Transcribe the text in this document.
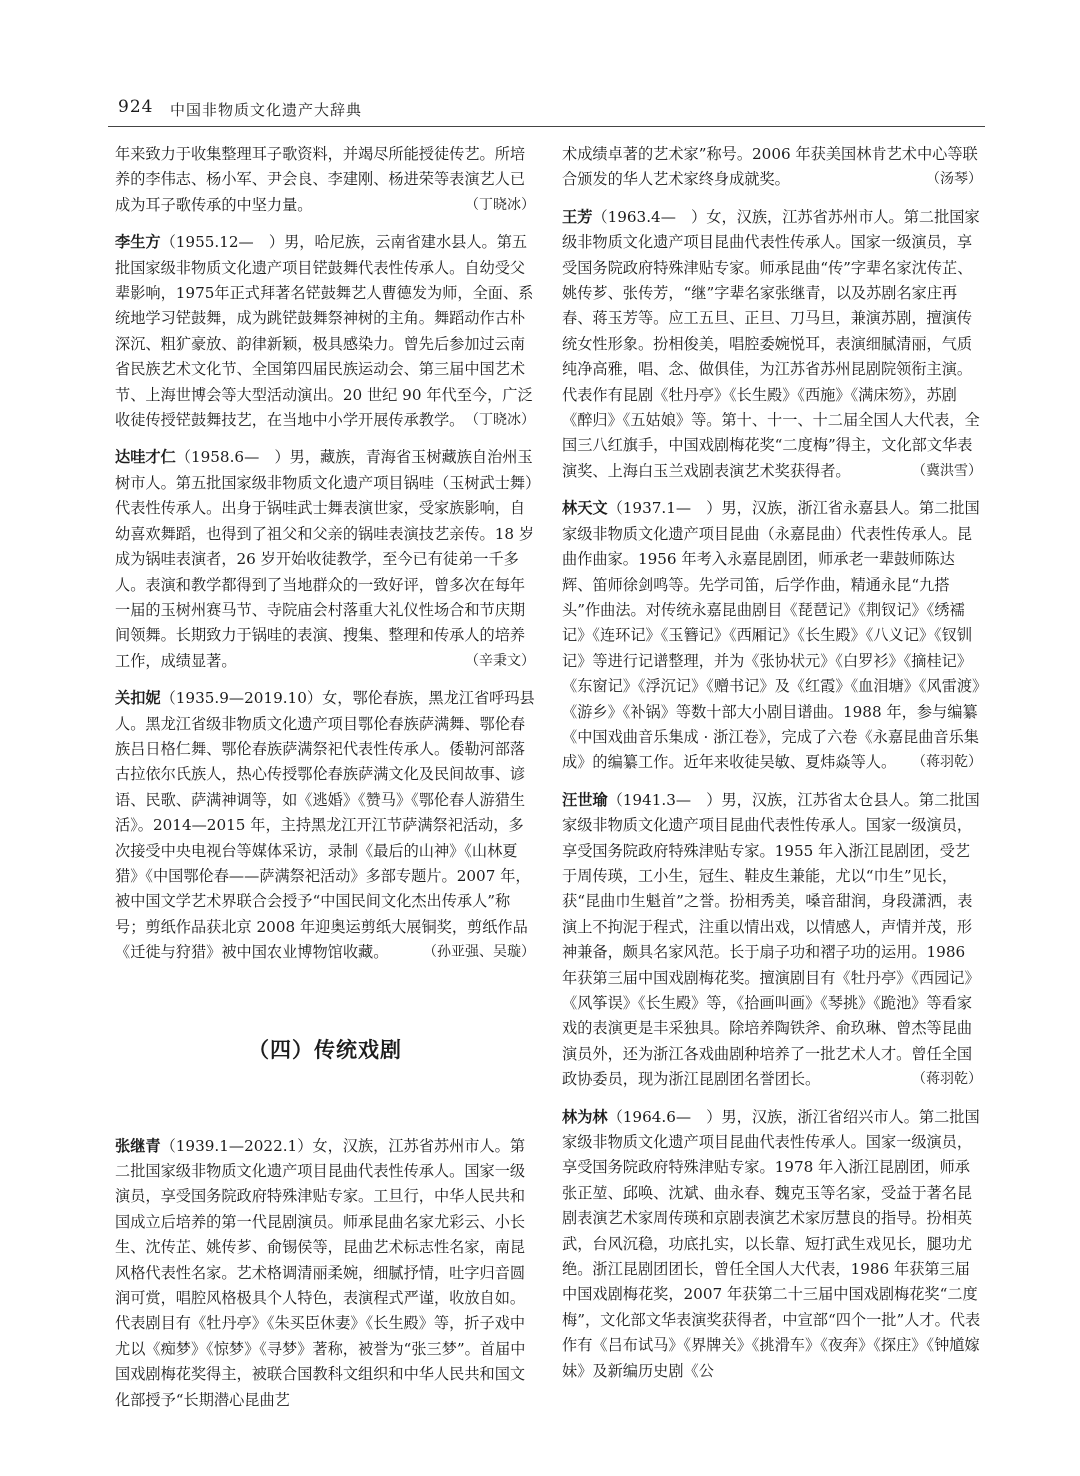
924 中国非物质文化遗产大辞典

年来致力于收集整理耳子歌资料，并竭尽所能授徒传艺。所培养的李伟志、杨小军、尹会良、李建刚、杨进荣等表演艺人已成为耳子歌传承的中坚力量。	（丁晓冰）

李生方（1955.12—　）男，哈尼族，云南省建水县人。第五批国家级非物质文化遗产项目铓鼓舞代表性传承人。自幼受父辈影响，1975年正式拜著名铓鼓舞艺人曹德发为师，全面、系统地学习铓鼓舞，成为跳铓鼓舞祭神树的主角。舞蹈动作古朴深沉、粗犷豪放、韵律新颖，极具感染力。曾先后参加过云南省民族艺术文化节、全国第四届民族运动会、第三届中国艺术节、上海世博会等大型活动演出。20 世纪 90 年代至今，广泛收徒传授铓鼓舞技艺，在当地中小学开展传承教学。 （丁晓冰）

达哇才仁（1958.6—　）男，藏族，青海省玉树藏族自治州玉树市人。第五批国家级非物质文化遗产项目锅哇（玉树武士舞）代表性传承人。出身于锅哇武士舞表演世家，受家族影响，自幼喜欢舞蹈，也得到了祖父和父亲的锅哇表演技艺亲传。18 岁成为锅哇表演者，26 岁开始收徒教学，至今已有徒弟一千多人。表演和教学都得到了当地群众的一致好评，曾多次在每年一届的玉树州赛马节、寺院庙会村落重大礼仪性场合和节庆期间领舞。长期致力于锅哇的表演、搜集、整理和传承人的培养工作，成绩显著。	（辛秉文）

关扣妮（1935.9—2019.10）女，鄂伦春族，黑龙江省呼玛县人。黑龙江省级非物质文化遗产项目鄂伦春族萨满舞、鄂伦春族吕日格仁舞、鄂伦春族萨满祭祀代表性传承人。倭勒河部落古拉依尔氏族人，热心传授鄂伦春族萨满文化及民间故事、谚语、民歌、萨满神调等，如《逃婚》《赞马》《鄂伦春人游猎生活》。2014—2015 年，主持黑龙江开江节萨满祭祀活动，多次接受中央电视台等媒体采访，录制《最后的山神》《山林夏猎》《中国鄂伦春——萨满祭祀活动》多部专题片。2007 年，被中国文学艺术界联合会授予“中国民间文化杰出传承人”称号；剪纸作品获北京 2008 年迎奥运剪纸大展铜奖，剪纸作品《迁徙与狩猎》被中国农业博物馆收藏。 （孙亚强、吴璇）

（四）传统戏剧

张继青（1939.1—2022.1）女，汉族，江苏省苏州市人。第二批国家级非物质文化遗产项目昆曲代表性传承人。国家一级演员，享受国务院政府特殊津贴专家。工旦行，中华人民共和国成立后培养的第一代昆剧演员。师承昆曲名家尤彩云、小长生、沈传芷、姚传芗、俞锡侯等，昆曲艺术标志性名家，南昆风格代表性名家。艺术格调清丽柔婉，细腻抒情，吐字归音圆润可赏，唱腔风格极具个人特色，表演程式严谨，收放自如。代表剧目有《牡丹亭》《朱买臣休妻》《长生殿》等，折子戏中尤以《痴梦》《惊梦》《寻梦》著称，被誉为“张三梦”。首届中国戏剧梅花奖得主，被联合国教科文组织和中华人民共和国文化部授予“长期潜心昆曲艺

术成绩卓著的艺术家”称号。2006 年获美国林肯艺术中心等联合颁发的华人艺术家终身成就奖。	（汤琴）

王芳（1963.4—　）女，汉族，江苏省苏州市人。第二批国家级非物质文化遗产项目昆曲代表性传承人。国家一级演员，享受国务院政府特殊津贴专家。师承昆曲“传”字辈名家沈传芷、姚传芗、张传芳，“继”字辈名家张继青，以及苏剧名家庄再春、蒋玉芳等。应工五旦、正旦、刀马旦，兼演苏剧，擅演传统女性形象。扮相俊美，唱腔委婉悦耳，表演细腻清丽，气质纯净高雅，唱、念、做俱佳，为江苏省苏州昆剧院领衔主演。代表作有昆剧《牡丹亭》《长生殿》《西施》《满床笏》，苏剧《醉归》《五姑娘》等。第十、十一、十二届全国人大代表，全国三八红旗手，中国戏剧梅花奖“二度梅”得主，文化部文华表演奖、上海白玉兰戏剧表演艺术奖获得者。	（冀洪雪）

林天文（1937.1—　）男，汉族，浙江省永嘉县人。第二批国家级非物质文化遗产项目昆曲（永嘉昆曲）代表性传承人。昆曲作曲家。1956 年考入永嘉昆剧团，师承老一辈鼓师陈达辉、笛师徐剑鸣等。先学司笛，后学作曲，精通永昆“九搭头”作曲法。对传统永嘉昆曲剧目《琵琶记》《荆钗记》《绣襦记》《连环记》《玉簪记》《西厢记》《长生殿》《八义记》《钗钏记》等进行记谱整理，并为《张协状元》《白罗衫》《摘桂记》《东窗记》《浮沉记》《赠书记》及《红霞》《血泪塘》《风雷渡》《游乡》《补锅》等数十部大小剧目谱曲。1988 年，参与编纂《中国戏曲音乐集成 · 浙江卷》，完成了六卷《永嘉昆曲音乐集成》的编纂工作。近年来收徒吴敏、夏炜焱等人。 （蒋羽乾）

汪世瑜（1941.3—　）男，汉族，江苏省太仓县人。第二批国家级非物质文化遗产项目昆曲代表性传承人。国家一级演员，享受国务院政府特殊津贴专家。1955 年入浙江昆剧团，受艺于周传瑛，工小生，冠生、鞋皮生兼能，尤以“巾生”见长，获“昆曲巾生魁首”之誉。扮相秀美，嗓音甜润，身段潇洒，表演上不拘泥于程式，注重以情出戏，以情感人，声情并茂，形神兼备，颇具名家风范。长于扇子功和褶子功的运用。1986 年获第三届中国戏剧梅花奖。擅演剧目有《牡丹亭》《西园记》《风筝误》《长生殿》等，《拾画叫画》《琴挑》《跪池》等看家戏的表演更是丰采独具。除培养陶铁斧、俞玖琳、曾杰等昆曲演员外，还为浙江各戏曲剧种培养了一批艺术人才。曾任全国政协委员，现为浙江昆剧团名誉团长。	（蒋羽乾）

林为林（1964.6—　）男，汉族，浙江省绍兴市人。第二批国家级非物质文化遗产项目昆曲代表性传承人。国家一级演员，享受国务院政府特殊津贴专家。1978 年入浙江昆剧团，师承张正堃、邱唤、沈斌、曲永春、魏克玉等名家，受益于著名昆剧表演艺术家周传瑛和京剧表演艺术家厉慧良的指导。扮相英武，台风沉稳，功底扎实，以长靠、短打武生戏见长，腿功尤绝。浙江昆剧团团长，曾任全国人大代表，1986 年获第三届中国戏剧梅花奖，2007 年获第二十三届中国戏剧梅花奖“二度梅”，文化部文华表演奖获得者，中宣部“四个一批”人才。代表作有《吕布试马》《界牌关》《挑滑车》《夜奔》《探庄》《钟馗嫁妹》及新编历史剧《公
